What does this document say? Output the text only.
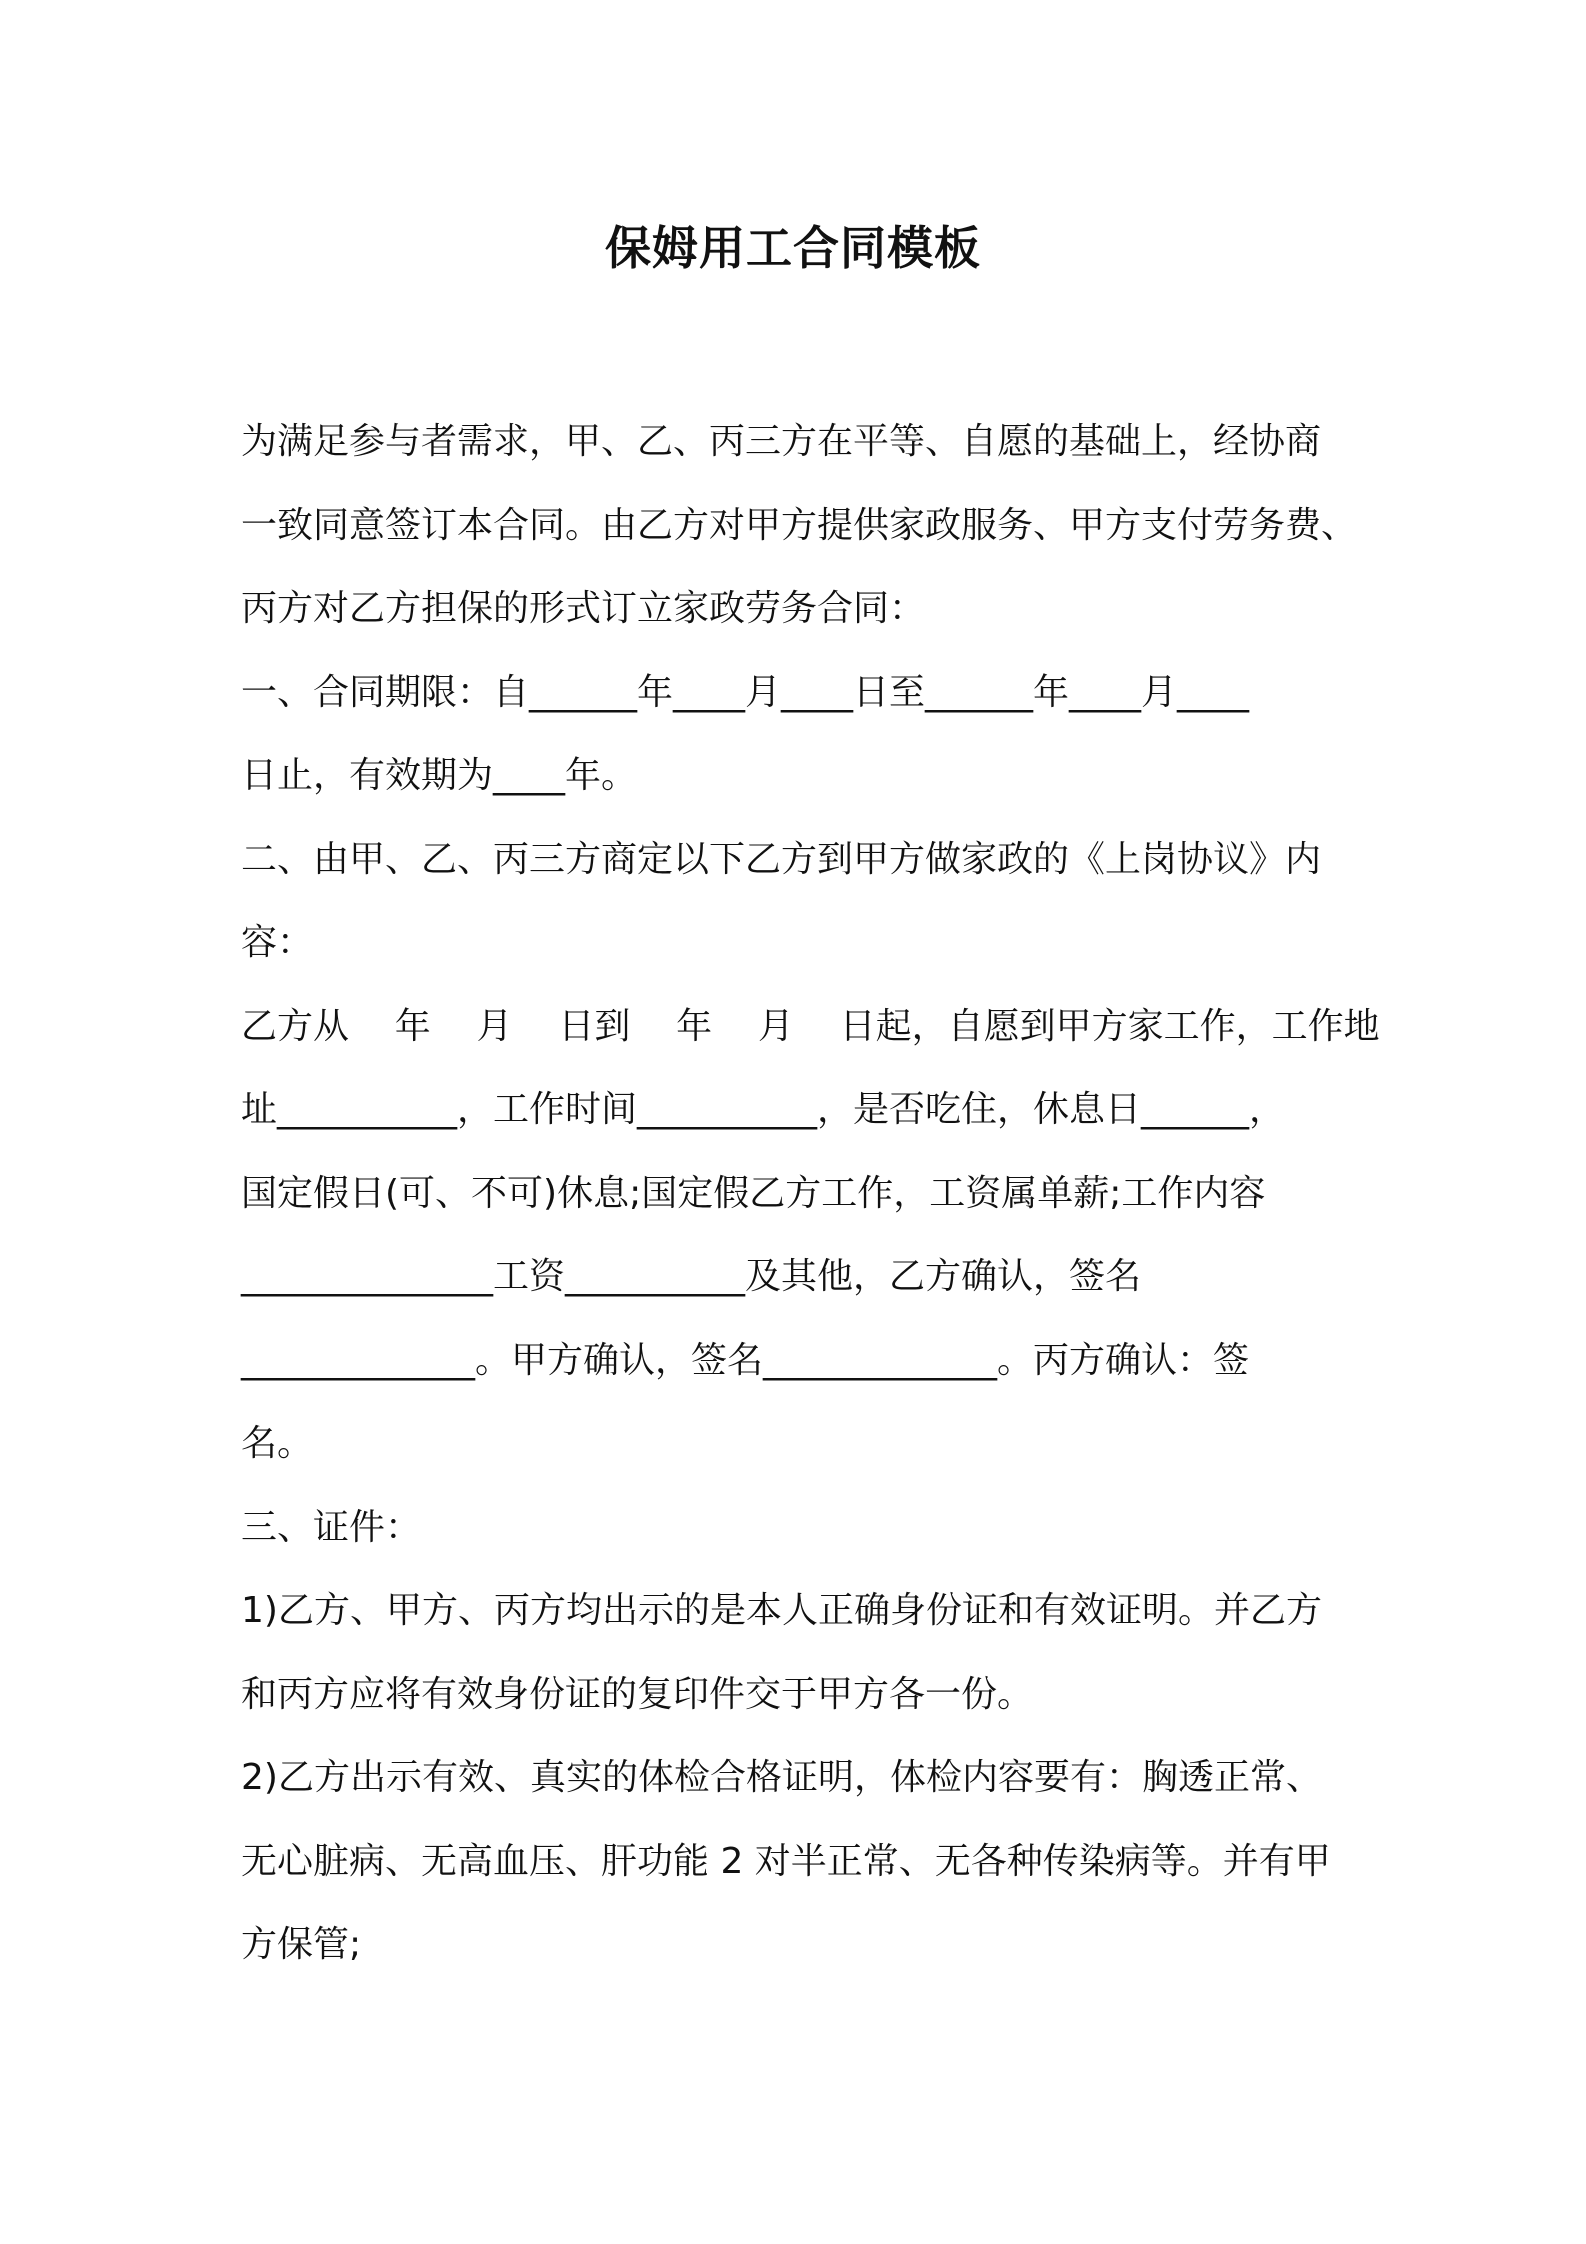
保姆用工合同模板
为满足参与者需求，甲、乙、丙三方在平等、自愿的基础上，经协商
一致同意签订本合同。由乙方对甲方提供家政服务、甲方支付劳务费、
丙方对乙方担保的形式订立家政劳务合同：
一、合同期限：自______年____月____日至______年____月____
日止，有效期为____年。
二、由甲、乙、丙三方商定以下乙方到甲方做家政的《上岗协议》内
容：
乙方从    年    月    日到    年    月    日起，自愿到甲方家工作，工作地
址__________，工作时间__________，是否吃住，休息日______，
国定假日(可、不可)休息;国定假乙方工作，工资属单薪;工作内容
______________工资__________及其他，乙方确认，签名
_____________。甲方确认，签名_____________。丙方确认：签
名。
三、证件：
1)乙方、甲方、丙方均出示的是本人正确身份证和有效证明。并乙方
和丙方应将有效身份证的复印件交于甲方各一份。
2)乙方出示有效、真实的体检合格证明，体检内容要有：胸透正常、
无心脏病、无高血压、肝功能 2 对半正常、无各种传染病等。并有甲
方保管;
